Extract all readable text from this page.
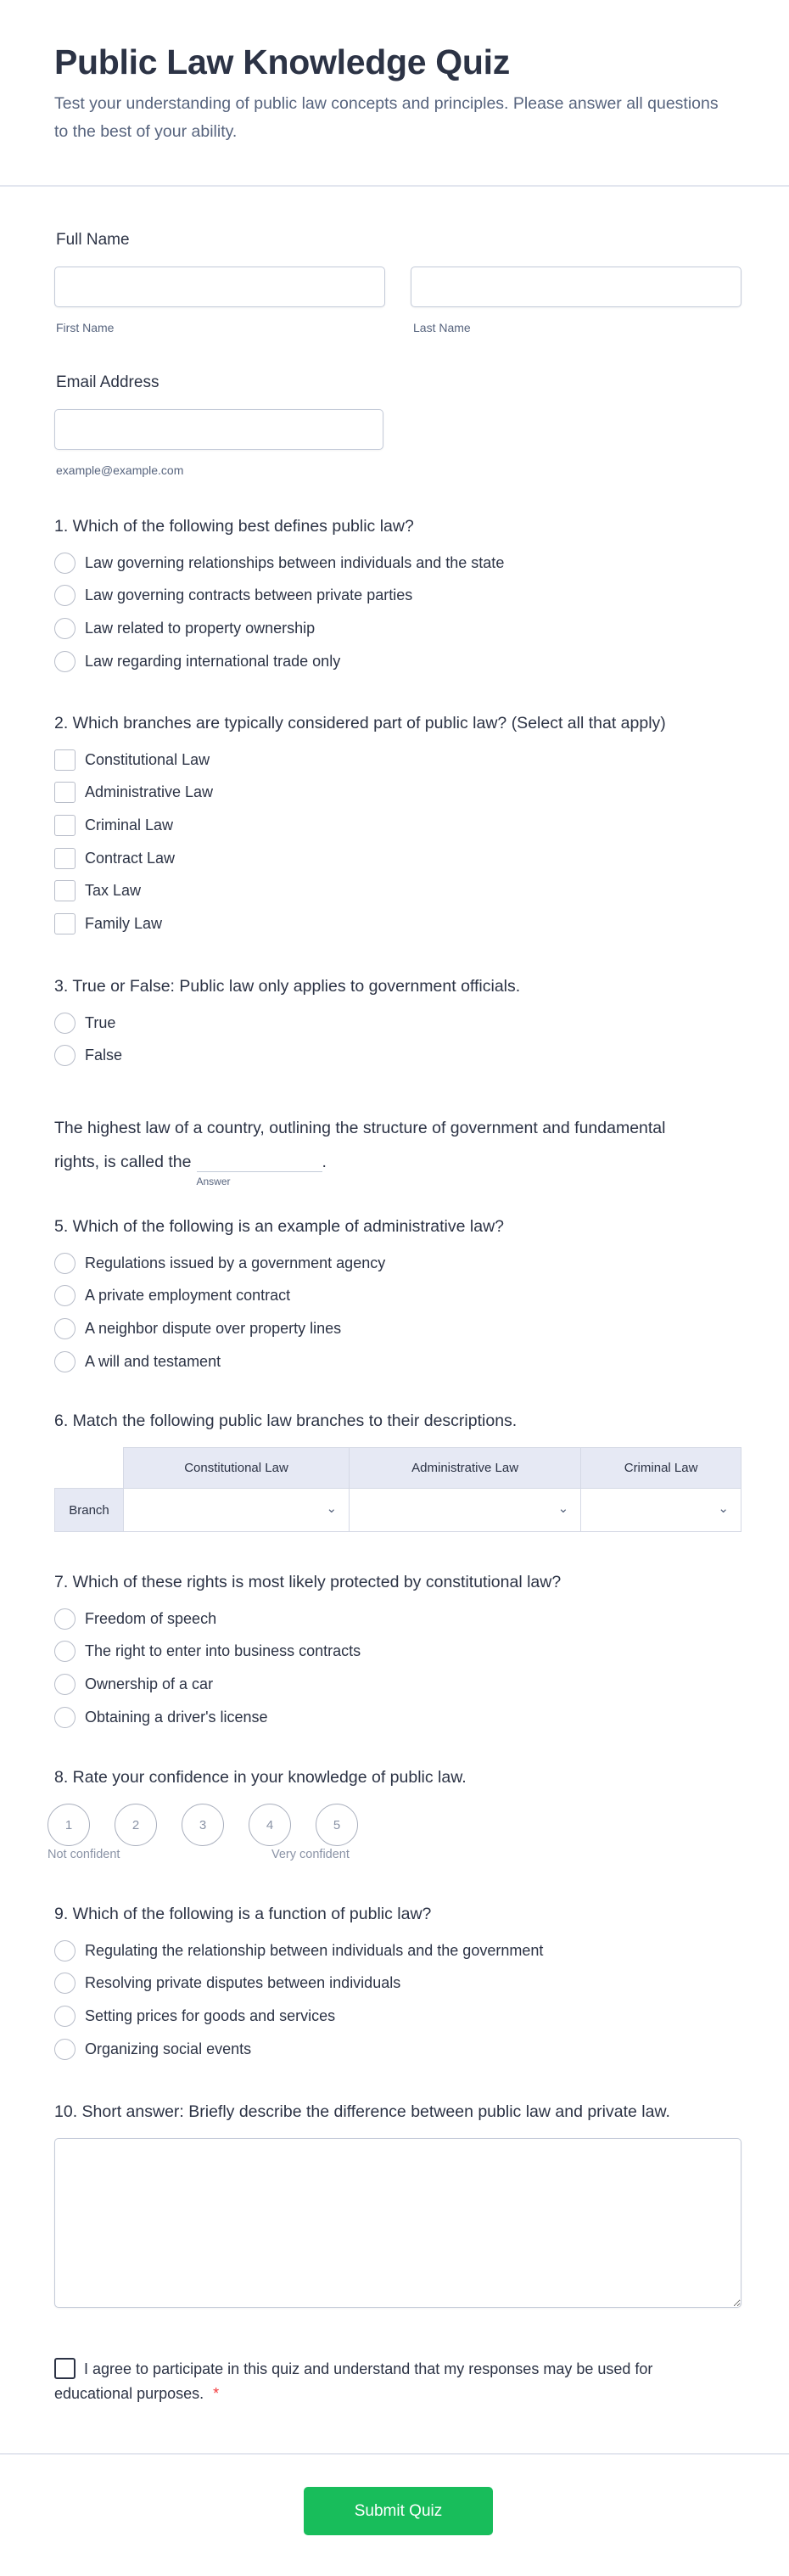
Public Law Knowledge Quiz
Test your understanding of public law concepts and principles. Please answer all questions to the best of your ability.
Full Name
First Name	Last Name
Email Address
example@example.com
1. Which of the following best defines public law?
Law governing relationships between individuals and the state
Law governing contracts between private parties
Law related to property ownership
Law regarding international trade only
2. Which branches are typically considered part of public law? (Select all that apply)
Constitutional Law
Administrative Law
Criminal Law
Contract Law
Tax Law
Family Law
3. True or False: Public law only applies to government officials.
True
False
The highest law of a country, outlining the structure of government and fundamental
rights, is called the
Answer
.
5. Which of the following is an example of administrative law?
Regulations issued by a government agency
A private employment contract
A neighbor dispute over property lines
A will and testament
6. Match the following public law branches to their descriptions.
	Constitutional Law	Administrative Law	Criminal Law
Branch	⌄	⌄	⌄
7. Which of these rights is most likely protected by constitutional law?
Freedom of speech
The right to enter into business contracts
Ownership of a car
Obtaining a driver's license
8. Rate your confidence in your knowledge of public law.
1	2	3	4	5
Not confident	Very confident
9. Which of the following is a function of public law?
Regulating the relationship between individuals and the government
Resolving private disputes between individuals
Setting prices for goods and services
Organizing social events
10. Short answer: Briefly describe the difference between public law and private law.
I agree to participate in this quiz and understand that my responses may be used for educational purposes. *
Submit Quiz
